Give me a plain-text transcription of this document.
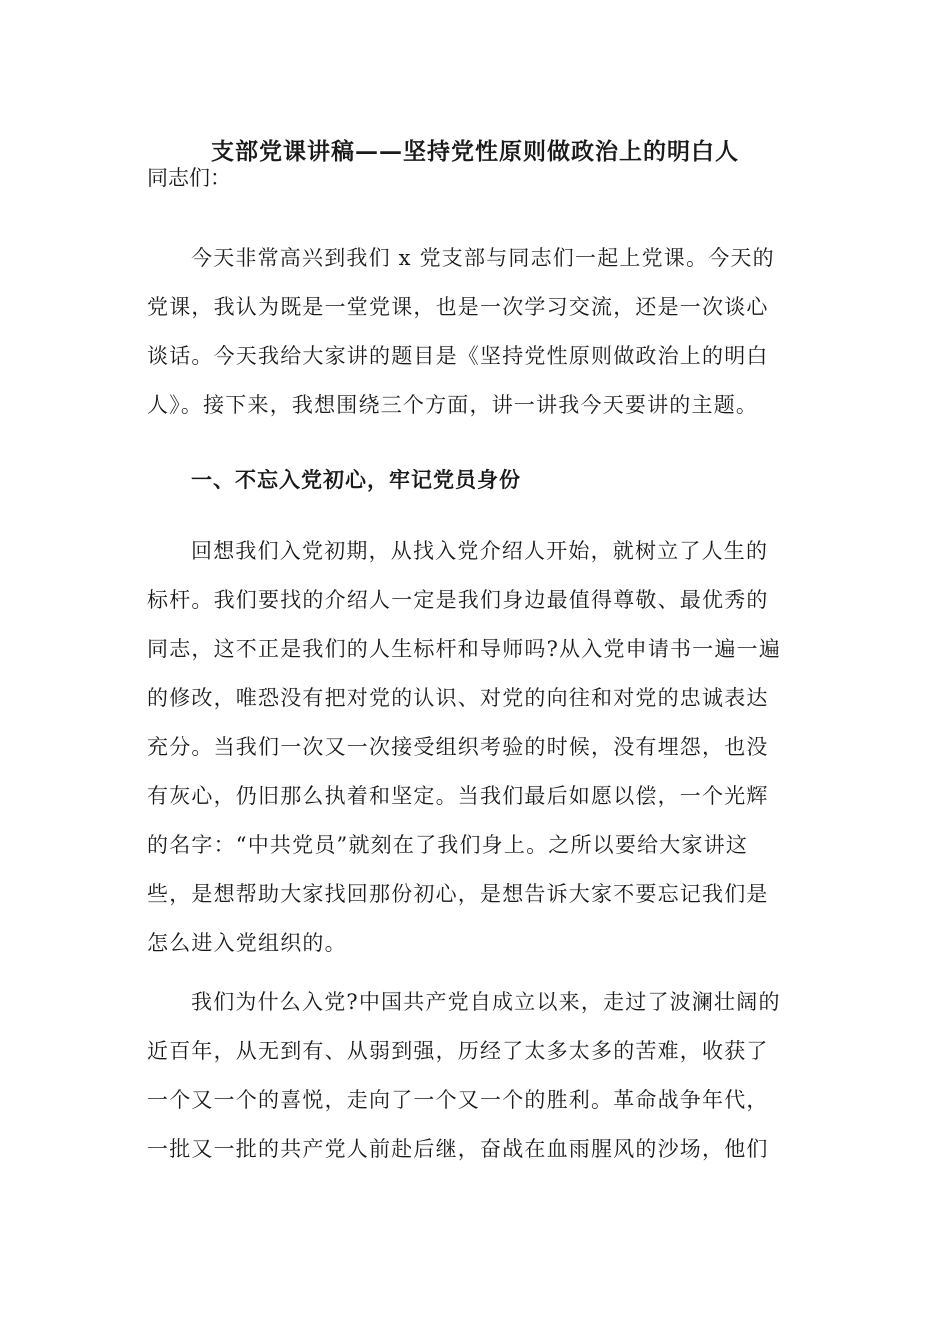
支部党课讲稿——坚持党性原则做政治上的明白人
同志们：
今天非常高兴到我们 x 党支部与同志们一起上党课。今天的
党课，我认为既是一堂党课，也是一次学习交流，还是一次谈心
谈话。今天我给大家讲的题目是《坚持党性原则做政治上的明白
人》。接下来，我想围绕三个方面，讲一讲我今天要讲的主题。
一、不忘入党初心，牢记党员身份
回想我们入党初期，从找入党介绍人开始，就树立了人生的
标杆。我们要找的介绍人一定是我们身边最值得尊敬、最优秀的
同志，这不正是我们的人生标杆和导师吗?从入党申请书一遍一遍
的修改，唯恐没有把对党的认识、对党的向往和对党的忠诚表达
充分。当我们一次又一次接受组织考验的时候，没有埋怨，也没
有灰心，仍旧那么执着和坚定。当我们最后如愿以偿，一个光辉
的名字：“中共党员”就刻在了我们身上。之所以要给大家讲这
些，是想帮助大家找回那份初心，是想告诉大家不要忘记我们是
怎么进入党组织的。
我们为什么入党?中国共产党自成立以来，走过了波澜壮阔的
近百年，从无到有、从弱到强，历经了太多太多的苦难，收获了
一个又一个的喜悦，走向了一个又一个的胜利。革命战争年代，
一批又一批的共产党人前赴后继，奋战在血雨腥风的沙场，他们
